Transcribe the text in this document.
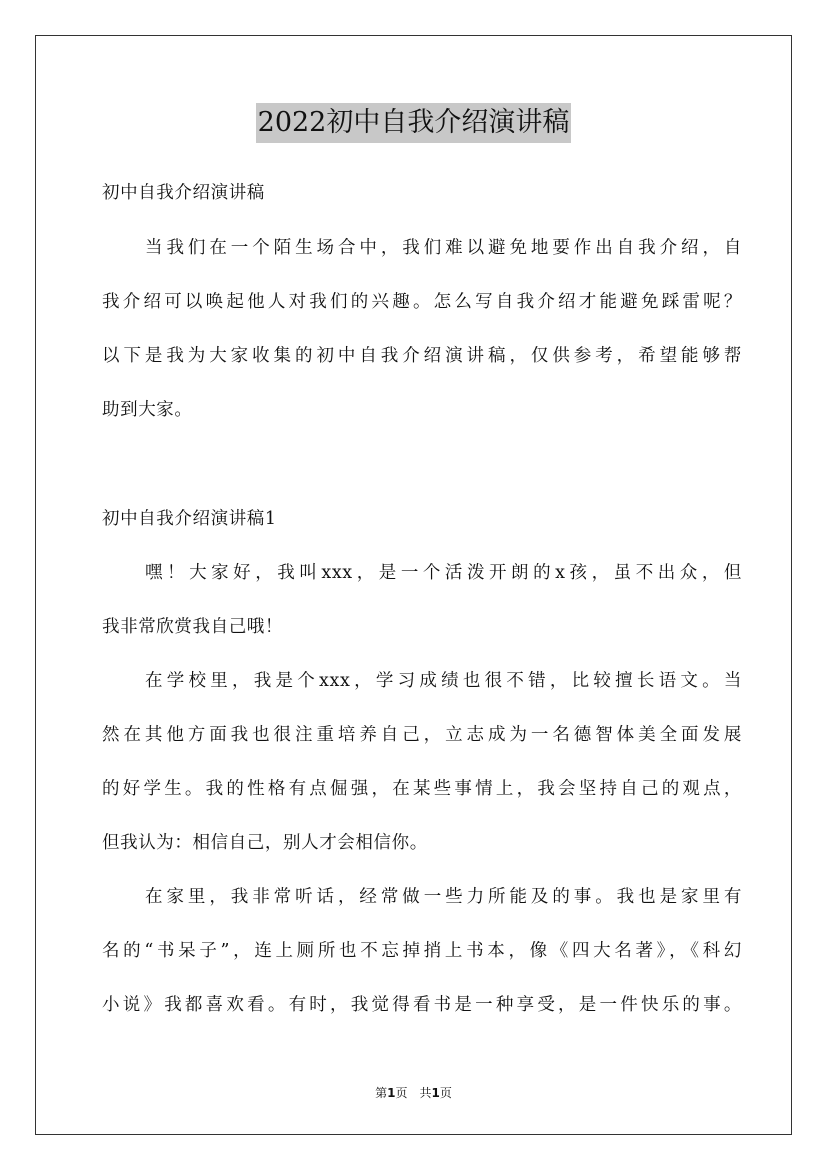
2022初中自我介绍演讲稿
初中自我介绍演讲稿
当我们在一个陌生场合中，我们难以避免地要作出自我介绍，自
我介绍可以唤起他人对我们的兴趣。怎么写自我介绍才能避免踩雷呢？
以下是我为大家收集的初中自我介绍演讲稿，仅供参考，希望能够帮
助到大家。
初中自我介绍演讲稿1
嘿！大家好，我叫xxx，是一个活泼开朗的x孩，虽不出众，但
我非常欣赏我自己哦！
在学校里，我是个xxx，学习成绩也很不错，比较擅长语文。当
然在其他方面我也很注重培养自己，立志成为一名德智体美全面发展
的好学生。我的性格有点倔强，在某些事情上，我会坚持自己的观点，
但我认为：相信自己，别人才会相信你。
在家里，我非常听话，经常做一些力所能及的事。我也是家里有
名的“书呆子”，连上厕所也不忘掉捎上书本，像《四大名著》，《科幻
小说》我都喜欢看。有时，我觉得看书是一种享受，是一件快乐的事。
第1页　共1页
